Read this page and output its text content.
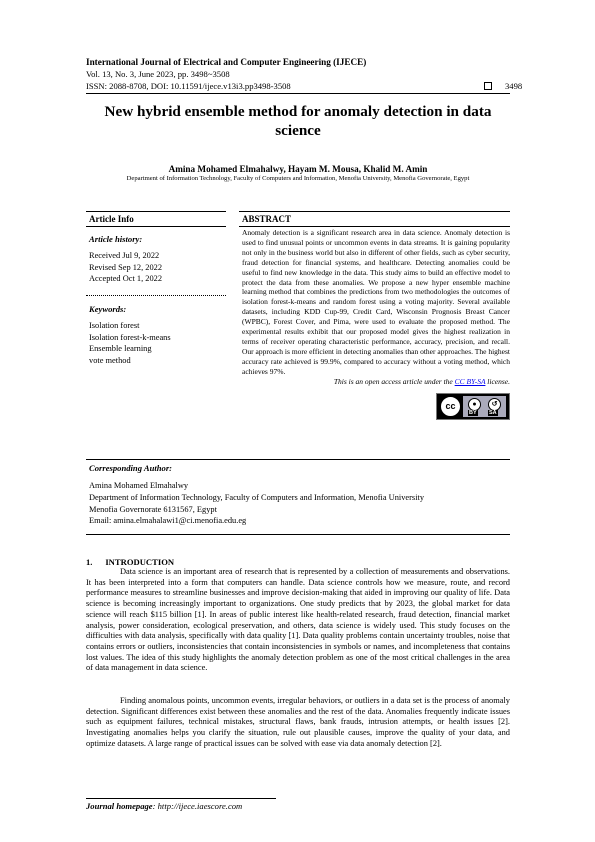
International Journal of Electrical and Computer Engineering (IJECE)
Vol. 13, No. 3, June 2023, pp. 3498~3508
ISSN: 2088-8708, DOI: 10.11591/ijece.v13i3.pp3498-3508	3498
New hybrid ensemble method for anomaly detection in data
science
Amina Mohamed Elmahalwy, Hayam M. Mousa, Khalid M. Amin
Department of Information Technology, Faculty of Computers and Information, Menofia University, Menofia Governorate, Egypt
Article Info
Article history:
Received Jul 9, 2022
Revised Sep 12, 2022
Accepted Oct 1, 2022
Keywords:
Isolation forest
Isolation forest-k-means
Ensemble learning
vote method
ABSTRACT
Anomaly detection is a significant research area in data science. Anomaly detection is used to find unusual points or uncommon events in data streams. It is gaining popularity not only in the business world but also in different of other fields, such as cyber security, fraud detection for financial systems, and healthcare. Detecting anomalies could be useful to find new knowledge in the data. This study aims to build an effective model to protect the data from these anomalies. We propose a new hyper ensemble machine learning method that combines the predictions from two methodologies the outcomes of isolation forest-k-means and random forest using a voting majority. Several available datasets, including KDD Cup-99, Credit Card, Wisconsin Prognosis Breast Cancer (WPBC), Forest Cover, and Pima, were used to evaluate the proposed method. The experimental results exhibit that our proposed model gives the highest realization in terms of receiver operating characteristic performance, accuracy, precision, and recall. Our approach is more efficient in detecting anomalies than other approaches. The highest accuracy rate achieved is 99.9%, compared to accuracy without a voting method, which achieves 97%.
This is an open access article under the CC BY-SA license.
cc	●	↺
BY SA
Corresponding Author:
Amina Mohamed Elmahalwy
Department of Information Technology, Faculty of Computers and Information, Menofia University
Menofia Governorate 6131567, Egypt
Email: amina.elmahalawi1@ci.menofia.edu.eg
1.      INTRODUCTION
Data science is an important area of research that is represented by a collection of measurements and observations. It has been interpreted into a form that computers can handle. Data science controls how we measure, route, and record performance measures to streamline businesses and improve decision-making that aided in improving our quality of life. Data science is becoming increasingly important to organizations. One study predicts that by 2023, the global market for data science will reach $115 billion [1]. In areas of public interest like health-related research, fraud detection, financial market analysis, power consideration, ecological preservation, and others, data science is widely used. This study focuses on the difficulties with data analysis, specifically with data quality [1]. Data quality problems contain uncertainty troubles, noise that contains errors or outliers, inconsistencies that contain inconsistencies in symbols or names, and incompleteness that contains lost values. The idea of this study highlights the anomaly detection problem as one of the most critical challenges in the area of data management in data science.
Finding anomalous points, uncommon events, irregular behaviors, or outliers in a data set is the process of anomaly detection. Significant differences exist between these anomalies and the rest of the data. Anomalies frequently indicate issues such as equipment failures, technical mistakes, structural flaws, bank frauds, intrusion attempts, or health issues [2]. Investigating anomalies helps you clarify the situation, rule out plausible causes, improve the quality of your data, and optimize datasets. A large range of practical issues can be solved with ease via data anomaly detection [2].
Journal homepage: http://ijece.iaescore.com
